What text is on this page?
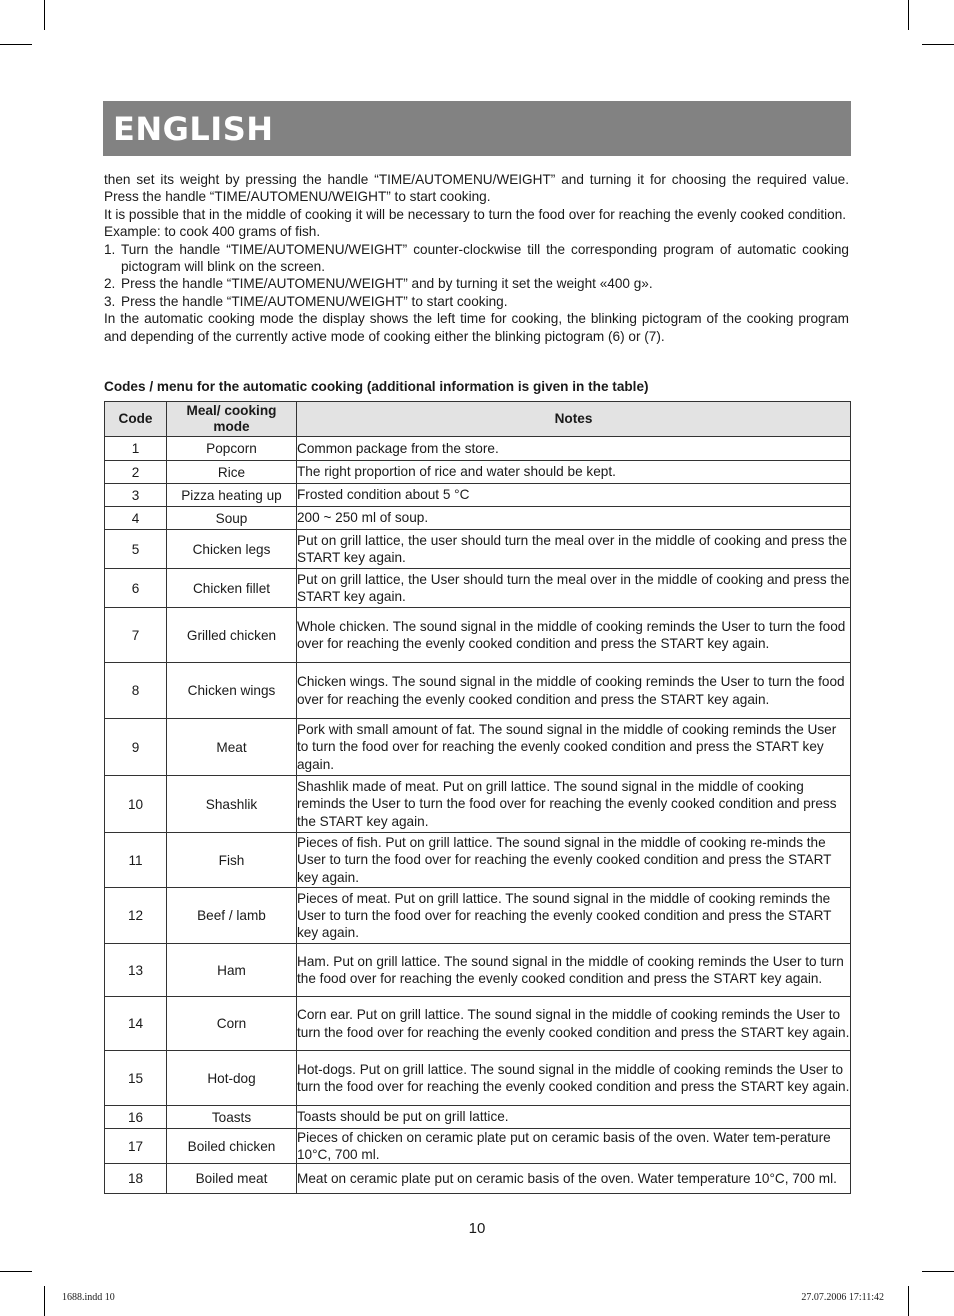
ENGLISH

then set its weight by pressing the handle “TIME/AUTOMENU/WEIGHT” and turning it for choosing the required value. Press the handle “TIME/AUTOMENU/WEIGHT” to start cooking.

It is possible that in the middle of cooking it will be necessary to turn the food over for reaching the evenly cooked condition.

Example: to cook 400 grams of fish.

1. Turn the handle “TIME/AUTOMENU/WEIGHT” counter-clockwise till the corresponding program of automatic cooking pictogram will blink on the screen.
2. Press the handle “TIME/AUTOMENU/WEIGHT” and by turning it set the weight «400 g».
3. Press the handle “TIME/AUTOMENU/WEIGHT” to start cooking.

In the automatic cooking mode the display shows the left time for cooking, the blinking pictogram of the cooking program and depending of the currently active mode of cooking either the blinking pictogram (6) or (7).

Codes / menu for the automatic cooking (additional information is given in the table)
Code	Meal/ cooking mode	Notes
1	Popcorn	Common package from the store.
2	Rice	The right proportion of rice and water should be kept.
3	Pizza heating up	Frosted condition about 5 °C
4	Soup	200 ~ 250 ml of soup.
5	Chicken legs	Put on grill lattice, the user should turn the meal over in the middle of cooking and press the START key again.
6	Chicken fillet	Put on grill lattice, the User should turn the meal over in the middle of cooking and press the START key again.
7	Grilled chicken	Whole chicken. The sound signal in the middle of cooking reminds the User to turn the food over for reaching the evenly cooked condition and press the START key again.
8	Chicken wings	Chicken wings. The sound signal in the middle of cooking reminds the User to turn the food over for reaching the evenly cooked condition and press the START key again.
9	Meat	Pork with small amount of fat. The sound signal in the middle of cooking reminds the User to turn the food over for reaching the evenly cooked condition and press the START key again.
10	Shashlik	Shashlik made of meat. Put on grill lattice. The sound signal in the middle of cooking reminds the User to turn the food over for reaching the evenly cooked condition and press the START key again.
11	Fish	Pieces of fish. Put on grill lattice. The sound signal in the middle of cooking re-minds the User to turn the food over for reaching the evenly cooked condition and press the START key again.
12	Beef / lamb	Pieces of meat. Put on grill lattice. The sound signal in the middle of cooking reminds the User to turn the food over for reaching the evenly cooked condition and press the START key again.
13	Ham	Ham. Put on grill lattice. The sound signal in the middle of cooking reminds the User to turn the food over for reaching the evenly cooked condition and press the START key again.
14	Corn	Corn ear. Put on grill lattice. The sound signal in the middle of cooking reminds the User to turn the food over for reaching the evenly cooked condition and press the START key again.
15	Hot-dog	Hot-dogs. Put on grill lattice. The sound signal in the middle of cooking reminds the User to turn the food over for reaching the evenly cooked condition and press the START key again.
16	Toasts	Toasts should be put on grill lattice.
17	Boiled chicken	Pieces of chicken on ceramic plate put on ceramic basis of the oven. Water tem-perature 10°C, 700 ml.
18	Boiled meat	Meat on ceramic plate put on ceramic basis of the oven. Water temperature 10°C, 700 ml.
10
1688.indd 10	27.07.2006 17:11:42
